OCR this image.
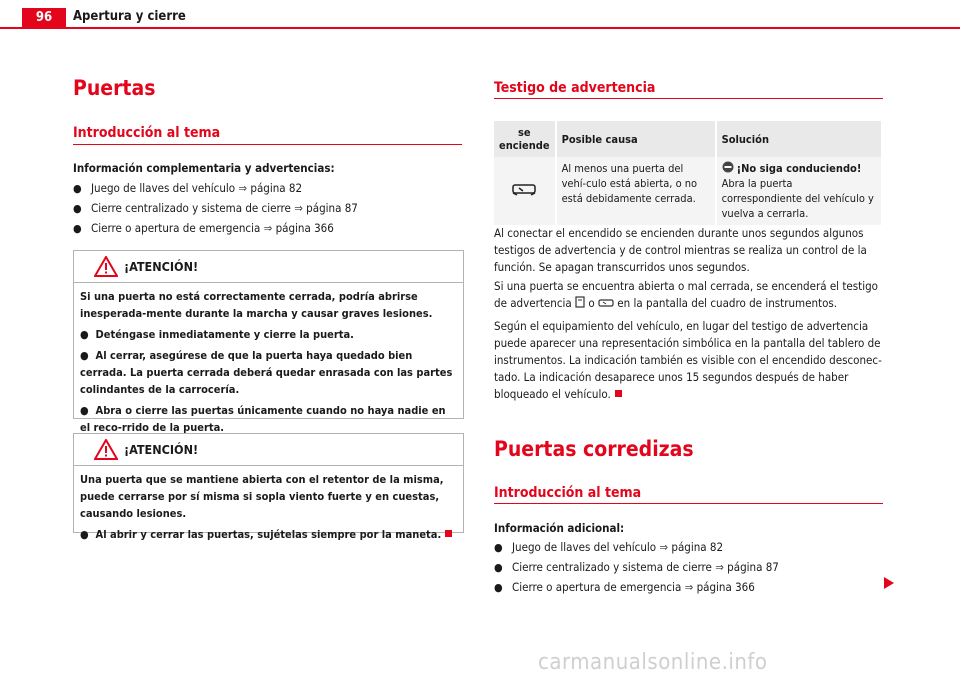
96	Apertura y cierre
Puertas
Introducción al tema

Información complementaria y advertencias:

● Juego de llaves del vehículo ⇒ página 82
● Cierre centralizado y sistema de cierre ⇒ página 87
● Cierre o apertura de emergencia ⇒ página 366
¡ATENCIÓN!

Si una puerta no está correctamente cerrada, podría abrirse inesperada-mente durante la marcha y causar graves lesiones.

●  Deténgase inmediatamente y cierre la puerta.

●  Al cerrar, asegúrese de que la puerta haya quedado bien cerrada. La puerta cerrada deberá quedar enrasada con las partes colindantes de la carrocería.

●  Abra o cierre las puertas únicamente cuando no haya nadie en el reco-rrido de la puerta.

¡ATENCIÓN!

Una puerta que se mantiene abierta con el retentor de la misma, puede cerrarse por sí misma si sopla viento fuerte y en cuestas, causando lesiones.

●  Al abrir y cerrar las puertas, sujételas siempre por la maneta.

Testigo de advertencia
se enciende	Posible causa	Solución
	Al menos una puerta del vehí-culo está abierta, o no está debidamente cerrada.	¡No siga conduciendo!
Abra la puerta correspondiente del vehículo y vuelva a cerrarla.

Al conectar el encendido se encienden durante unos segundos algunos testigos de advertencia y de control mientras se realiza un control de la función. Se apagan transcurridos unos segundos.

Si una puerta se encuentra abierta o mal cerrada, se encenderá el testigo de advertencia o en la pantalla del cuadro de instrumentos.

Según el equipamiento del vehículo, en lugar del testigo de advertencia puede aparecer una representación simbólica en la pantalla del tablero de instrumentos. La indicación también es visible con el encendido desconec-tado. La indicación desaparece unos 15 segundos después de haber bloqueado el vehículo.

Puertas corredizas
Introducción al tema

Información adicional:

● Juego de llaves del vehículo ⇒ página 82
● Cierre centralizado y sistema de cierre ⇒ página 87
● Cierre o apertura de emergencia ⇒ página 366
carmanualsonline.info
